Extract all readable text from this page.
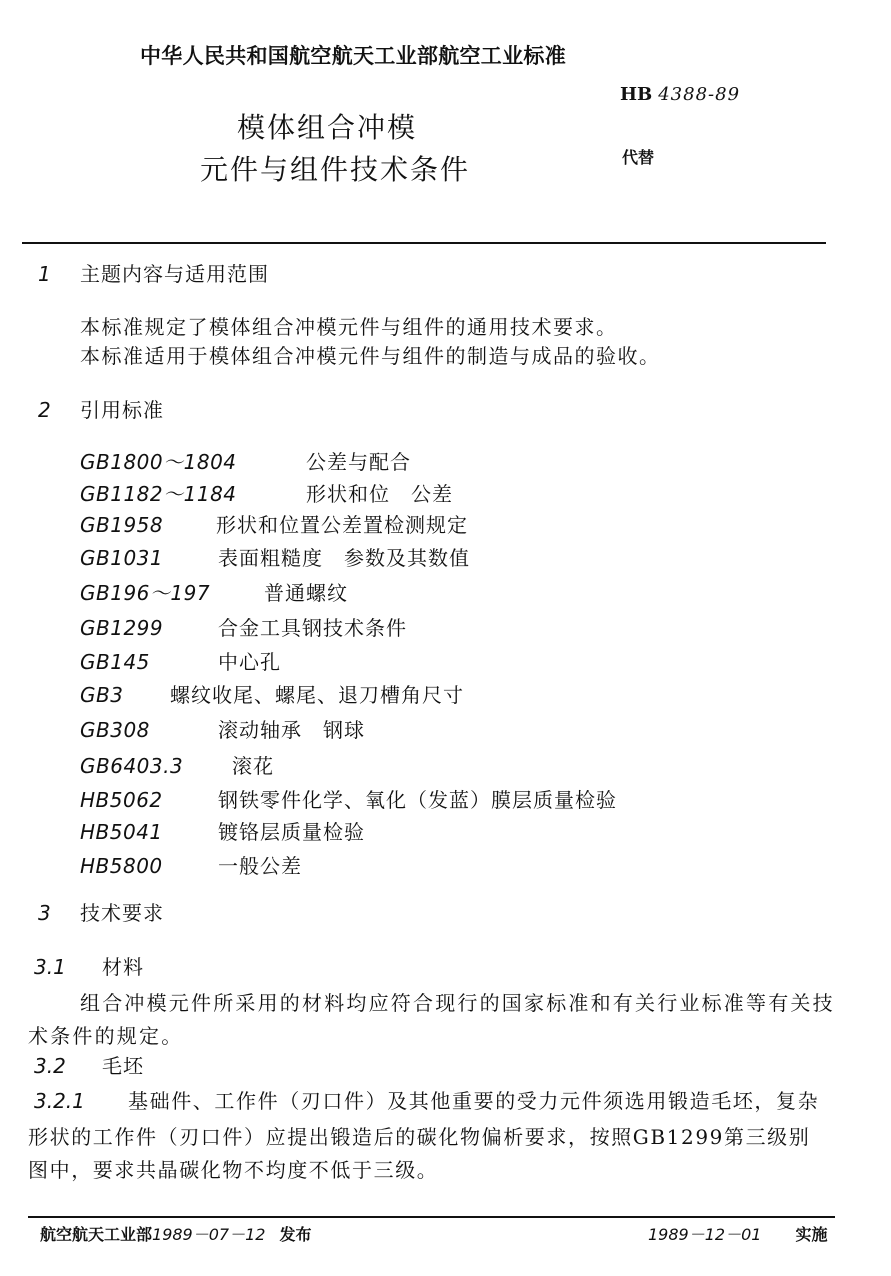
中华人民共和国航空航天工业部航空工业标准
HB 4388-89
模体组合冲模
元件与组件技术条件	代替
1 主题内容与适用范围
本标准规定了模体组合冲模元件与组件的通用技术要求。
本标准适用于模体组合冲模元件与组件的制造与成品的验收。
2 引用标准
GB1800～1804	公差与配合
GB1182～1184	形状和位　公差
GB1958	形状和位置公差置检测规定
GB1031	表面粗糙度　参数及其数值
GB196～197	普通螺纹
GB1299	合金工具钢技术条件
GB145	中心孔
GB3 螺纹收尾、螺尾、退刀槽角尺寸
GB308	滚动轴承　钢球
GB6403.3 滚花
HB5062	钢铁零件化学、氧化（发蓝）膜层质量检验
HB5041	镀铬层质量检验
HB5800	一般公差
3 技术要求
3.1 材料
组合冲模元件所采用的材料均应符合现行的国家标准和有关行业标准等有关技
术条件的规定。
3.2 毛坯
3.2.1 基础件、工作件（刃口件）及其他重要的受力元件须选用锻造毛坯，复杂
形状的工作件（刃口件）应提出锻造后的碳化物偏析要求，按照GB1299第三级别
图中，要求共晶碳化物不均度不低于三级。
航空航天工业部1989－07－12 发布	1989－12－01 实施
